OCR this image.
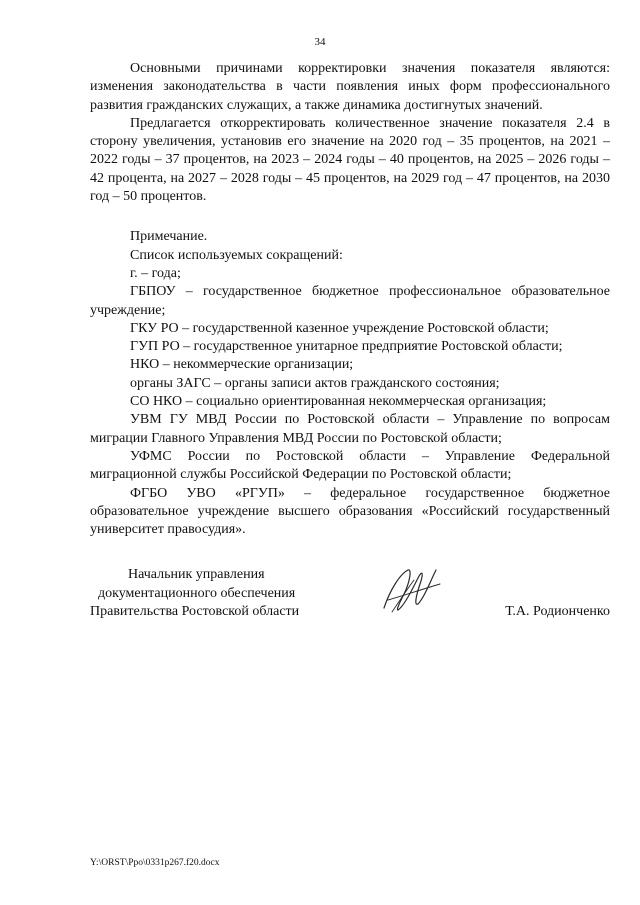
34

Основными причинами корректировки значения показателя являются: изменения законодательства в части появления иных форм профессионального развития гражданских служащих, а также динамика достигнутых значений.

Предлагается откорректировать количественное значение показателя 2.4 в сторону увеличения, установив его значение на 2020 год – 35 процентов, на 2021 – 2022 годы – 37 процентов, на 2023 – 2024 годы – 40 процентов, на 2025 – 2026 годы – 42 процента, на 2027 – 2028 годы – 45 процентов, на 2029 год – 47 процентов, на 2030 год – 50 процентов.

Примечание.

Список используемых сокращений:

г. – года;

ГБПОУ – государственное бюджетное профессиональное образовательное учреждение;

ГКУ РО – государственной казенное учреждение Ростовской области;

ГУП РО – государственное унитарное предприятие Ростовской области;

НКО – некоммерческие организации;

органы ЗАГС – органы записи актов гражданского состояния;

СО НКО – социально ориентированная некоммерческая организация;

УВМ ГУ МВД России по Ростовской области – Управление по вопросам миграции Главного Управления МВД России по Ростовской области;

УФМС России по Ростовской области – Управление Федеральной миграционной службы Российской Федерации по Ростовской области;

ФГБО УВО «РГУП» – федеральное государственное бюджетное образовательное учреждение высшего образования «Российский государственный университет правосудия».

Начальник управления
документационного обеспечения
Правительства Ростовской области	Т.А. Родионченко
Y:\ORST\Ppo\0331p267.f20.docx
